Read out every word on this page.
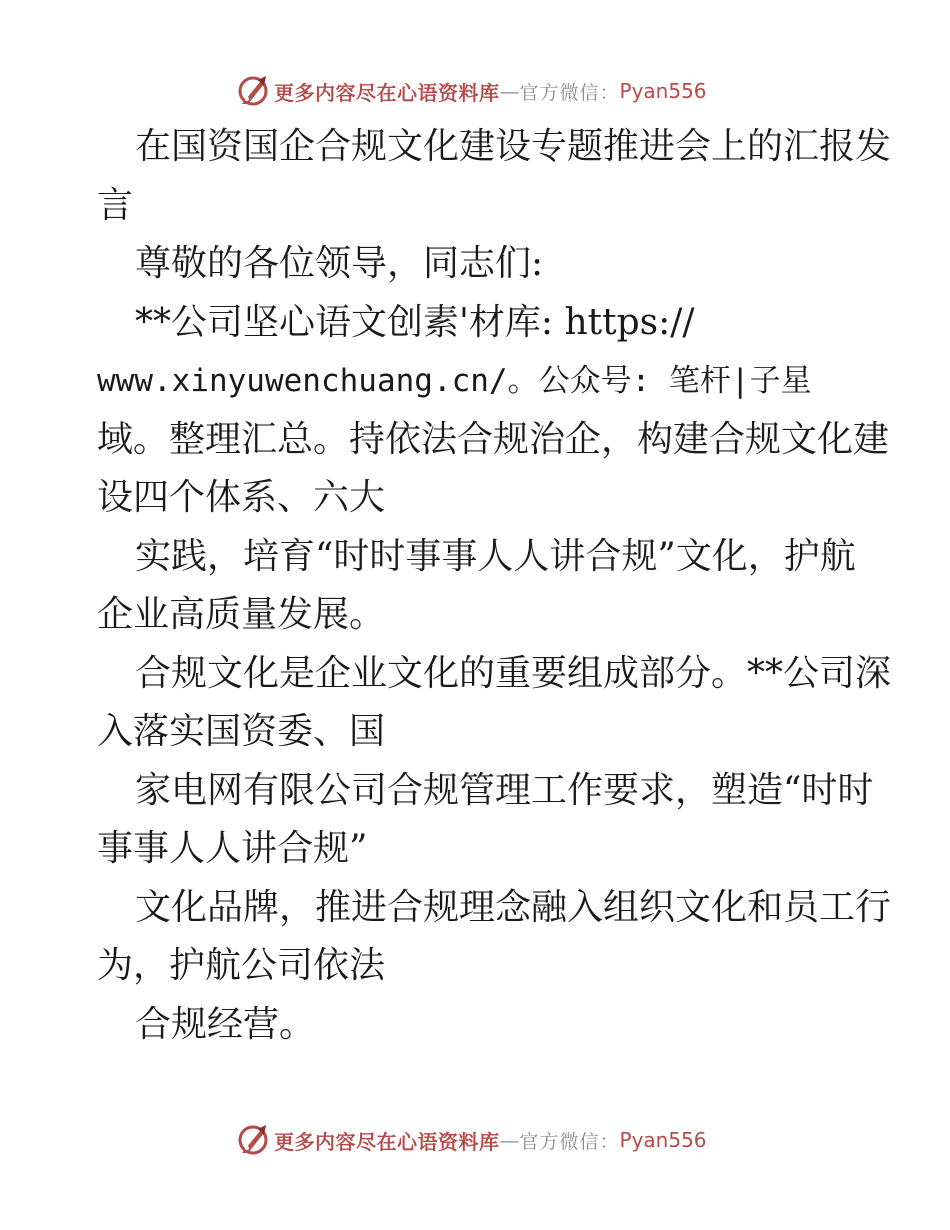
更多内容尽在心语资料库 — 官方微信： Pyan556
在国资国企合规文化建设专题推进会上的汇报发
言
尊敬的各位领导，同志们:
**公司坚心语文创素'材库: https://
www.xinyuwenchuang.cn/。公众号: 笔杆|子星
域。整理汇总。持依法合规治企，构建合规文化建
设四个体系、六大
实践，培育“时时事事人人讲合规”文化，护航
企业高质量发展。
合规文化是企业文化的重要组成部分。**公司深
入落实国资委、国
家电网有限公司合规管理工作要求，塑造“时时
事事人人讲合规”
文化品牌，推进合规理念融入组织文化和员工行
为，护航公司依法
合规经营。
更多内容尽在心语资料库 — 官方微信： Pyan556
